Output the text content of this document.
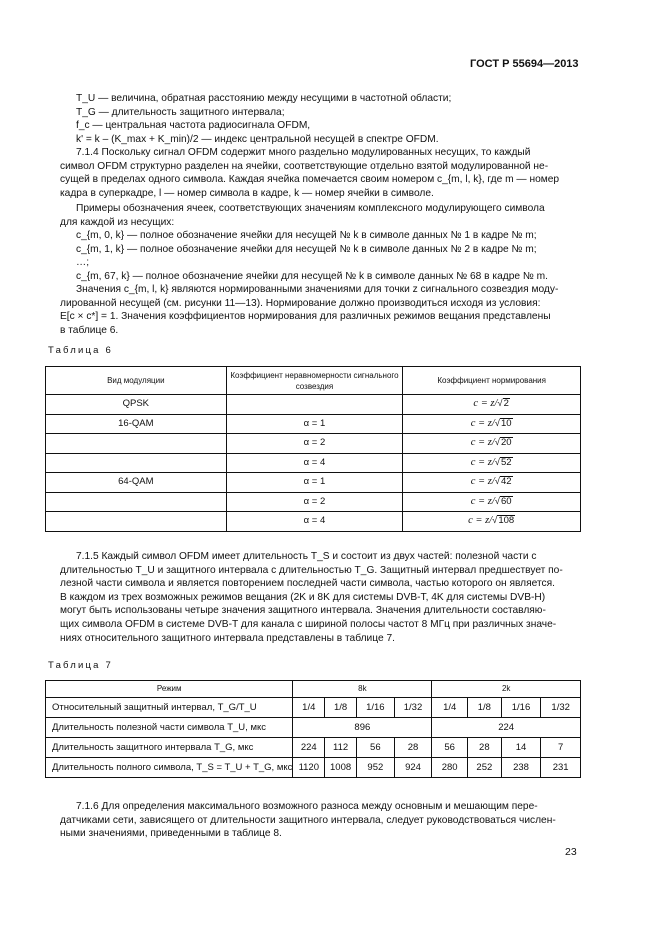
ГОСТ Р 55694—2013
T_U — величина, обратная расстоянию между несущими в частотной области;
T_G — длительность защитного интервала;
f_c — центральная частота радиосигнала OFDM,
k' = k – (K_max + K_min)/2 — индекс центральной несущей в спектре OFDM.
7.1.4 Поскольку сигнал OFDM содержит много раздельно модулированных несущих, то каждый
символ OFDM структурно разделен на ячейки, соответствующие отдельно взятой модулированной не-
сущей в пределах одного символа. Каждая ячейка помечается своим номером c_{m, l, k}, где m — номер
кадра в суперкадре, l — номер символа в кадре, k — номер ячейки в символе.
Примеры обозначения ячеек, соответствующих значениям комплексного модулирующего символа
для каждой из несущих:
c_{m, 0, k} — полное обозначение ячейки для несущей № k в символе данных № 1 в кадре № m;
c_{m, 1, k} — полное обозначение ячейки для несущей № k в символе данных № 2 в кадре № m;
…;
c_{m, 67, k} — полное обозначение ячейки для несущей № k в символе данных № 68 в кадре № m.
Значения c_{m, l, k} являются нормированными значениями для точки z сигнального созвездия моду-
лированной несущей (см. рисунки 11—13). Нормирование должно производиться исходя из условия:
E[c × c*] = 1. Значения коэффициентов нормирования для различных режимов вещания представлены
в таблице 6.
Таблица 6
Вид модуляции	Коэффициент неравномерности сигнального созвездия	Коэффициент нормирования
QPSK		c = z/√2
16-QAM	α = 1	c = z/√10
	α = 2	c = z/√20
	α = 4	c = z/√52
64-QAM	α = 1	c = z/√42
	α = 2	c = z/√60
	α = 4	c = z/√108
7.1.5 Каждый символ OFDM имеет длительность T_S и состоит из двух частей: полезной части с
длительностью T_U и защитного интервала с длительностью T_G. Защитный интервал предшествует по-
лезной части символа и является повторением последней части символа, частью которого он является.
В каждом из трех возможных режимов вещания (2K и 8K для системы DVB-T, 4K для системы DVB-H)
могут быть использованы четыре значения защитного интервала. Значения длительности составляю-
щих символа OFDM в системе DVB-T для канала с шириной полосы частот 8 МГц при различных значе-
ниях относительного защитного интервала представлены в таблице 7.
Таблица 7
Режим	8k				2k			
Относительный защитный интервал, T_G/T_U	1/4	1/8	1/16	1/32	1/4	1/8	1/16	1/32
Длительность полезной части символа T_U, мкс	896				224			
Длительность защитного интервала T_G, мкс	224	112	56	28	56	28	14	7
Длительность полного символа, T_S = T_U + T_G, мкс	1120	1008	952	924	280	252	238	231
7.1.6 Для определения максимального возможного разноса между основным и мешающим пере-
датчиками сети, зависящего от длительности защитного интервала, следует руководствоваться числен-
ными значениями, приведенными в таблице 8.
23
